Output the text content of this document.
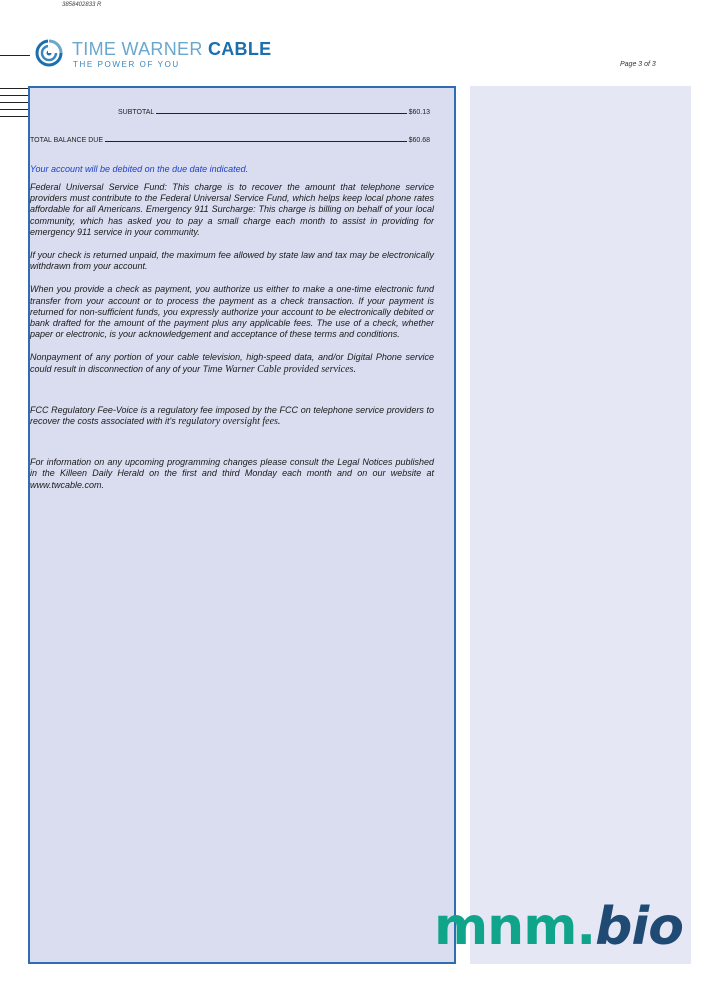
3858402833 R
Page 3 of 3
TIME WARNER CABLE
THE POWER OF YOU
SUBTOTAL	$60.13
TOTAL BALANCE DUE	$60.68
Your account will be debited on the due date indicated.

Federal Universal Service Fund: This charge is to recover the amount that telephone service providers must contribute to the Federal Universal Service Fund, which helps keep local phone rates affordable for all Americans. Emergency 911 Surcharge: This charge is billing on behalf of your local community, which has asked you to pay a small charge each month to assist in providing for emergency 911 service in your community.

If your check is returned unpaid, the maximum fee allowed by state law and tax may be electronically withdrawn from your account.

When you provide a check as payment, you authorize us either to make a one-time electronic fund transfer from your account or to process the payment as a check transaction. If your payment is returned for non-sufficient funds, you expressly authorize your account to be electronically debited or bank drafted for the amount of the payment plus any applicable fees. The use of a check, whether paper or electronic, is your acknowledgement and acceptance of these terms and conditions.

Nonpayment of any portion of your cable television, high-speed data, and/or Digital Phone service could result in disconnection of any of your Time Warner Cable provided services.

FCC Regulatory Fee-Voice is a regulatory fee imposed by the FCC on telephone service providers to recover the costs associated with it's regulatory oversight fees.

For information on any upcoming programming changes please consult the Legal Notices published in the Killeen Daily Herald on the first and third Monday each month and on our website at www.twcable.com.

mnm.bio
